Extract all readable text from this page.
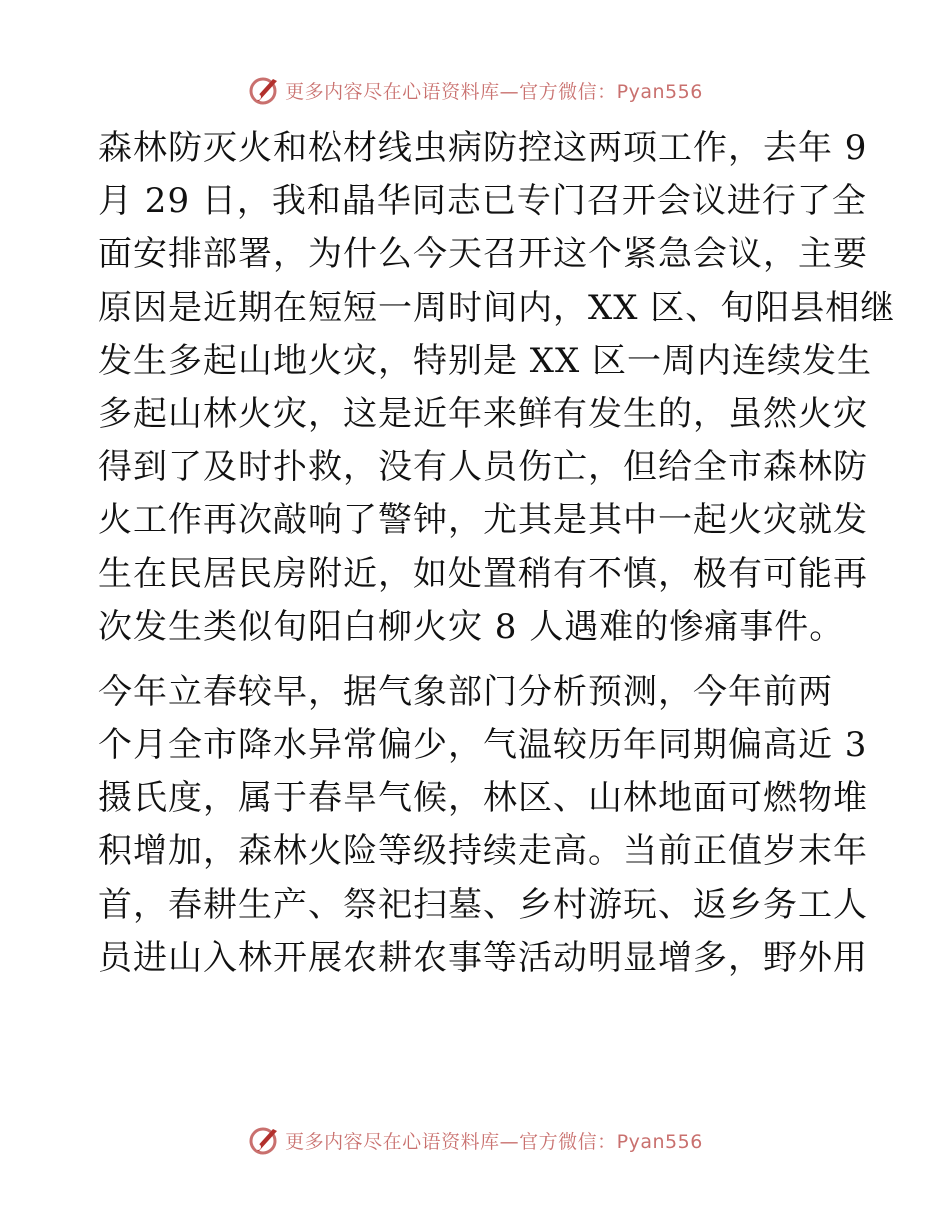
更多内容尽在心语资料库—官方微信：Pyan556
森林防灭火和松材线虫病防控这两项工作，去年 9
月 29 日，我和晶华同志已专门召开会议进行了全
面安排部署，为什么今天召开这个紧急会议，主要
原因是近期在短短一周时间内，XX 区、旬阳县相继
发生多起山地火灾，特别是 XX 区一周内连续发生
多起山林火灾，这是近年来鲜有发生的，虽然火灾
得到了及时扑救，没有人员伤亡，但给全市森林防
火工作再次敲响了警钟，尤其是其中一起火灾就发
生在民居民房附近，如处置稍有不慎，极有可能再
次发生类似旬阳白柳火灾 8 人遇难的惨痛事件。
今年立春较早，据气象部门分析预测，今年前两
个月全市降水异常偏少，气温较历年同期偏高近 3
摄氏度，属于春旱气候，林区、山林地面可燃物堆
积增加，森林火险等级持续走高。当前正值岁末年
首，春耕生产、祭祀扫墓、乡村游玩、返乡务工人
员进山入林开展农耕农事等活动明显增多，野外用
更多内容尽在心语资料库—官方微信：Pyan556
